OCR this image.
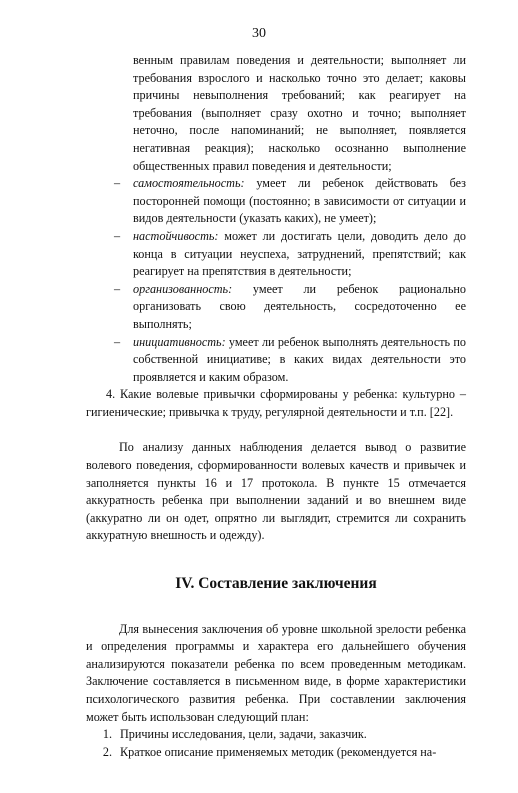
30
венным правилам поведения и деятельности; выполняет ли требования взрослого и насколько точно это делает; каковы причины невыполнения требований; как реагирует на требования (выполняет сразу охотно и точно; выполняет неточно, после напоминаний; не выполняет, появляется негативная реакция); насколько осознанно выполнение общественных правил поведения и деятельности;
– самостоятельность: умеет ли ребенок действовать без посторонней помощи (постоянно; в зависимости от ситуации и видов деятельности (указать каких), не умеет);
– настойчивость: может ли достигать цели, доводить дело до конца в ситуации неуспеха, затруднений, препятствий; как реагирует на препятствия в деятельности;
– организованность: умеет ли ребенок рационально организовать свою деятельность, сосредоточенно ее выполнять;
– инициативность: умеет ли ребенок выполнять деятельность по собственной инициативе; в каких видах деятельности это проявляется и каким образом.

4. Какие волевые привычки сформированы у ребенка: культурно – гигиенические; привычка к труду, регулярной деятельности и т.п. [22].

По анализу данных наблюдения делается вывод о развитие волевого поведения, сформированности волевых качеств и привычек и заполняется пункты 16 и 17 протокола. В пункте 15 отмечается аккуратность ребенка при выполнении заданий и во внешнем виде (аккуратно ли он одет, опрятно ли выглядит, стремится ли сохранить аккуратную внешность и одежду).

IV. Составление заключения

Для вынесения заключения об уровне школьной зрелости ребенка и определения программы и характера его дальнейшего обучения анализируются показатели ребенка по всем проведенным методикам. Заключение составляется в письменном виде, в форме характеристики психологического развития ребенка. При составлении заключения может быть использован следующий план:

1. Причины исследования, цели, задачи, заказчик.
2. Краткое описание применяемых методик (рекомендуется на-
